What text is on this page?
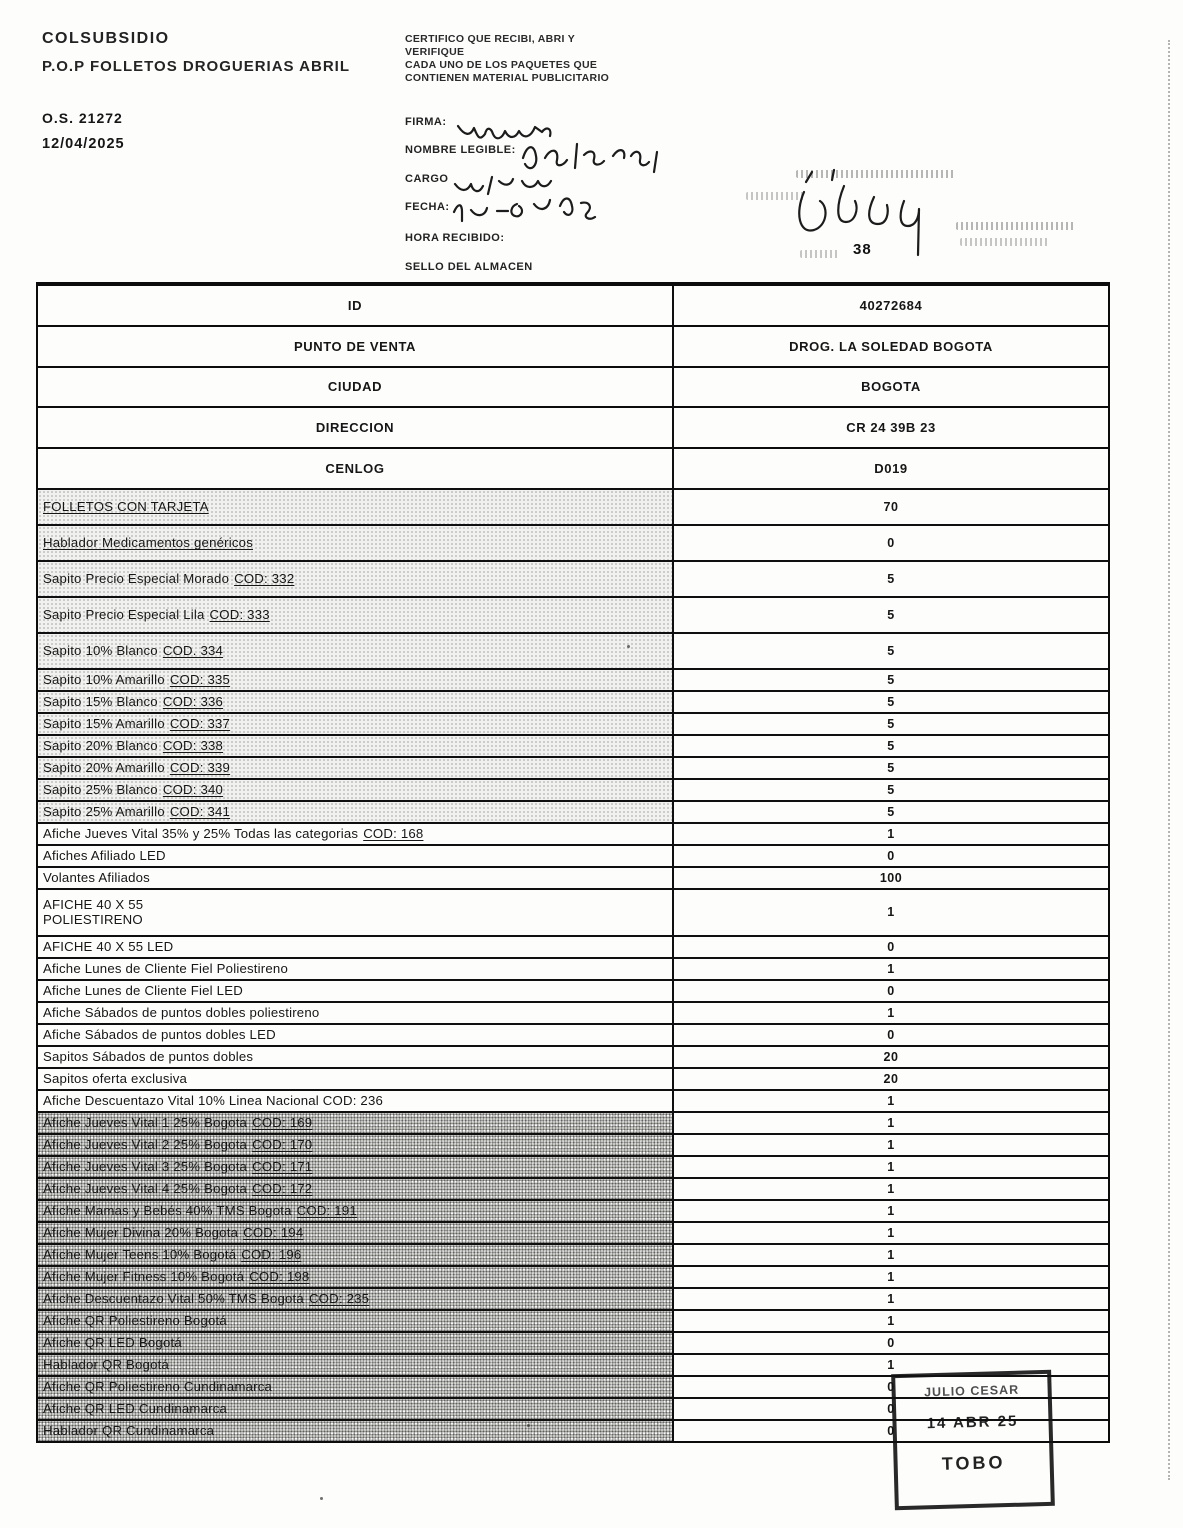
COLSUBSIDIO
P.O.P FOLLETOS DROGUERIAS ABRIL
O.S. 21272
12/04/2025
CERTIFICO QUE RECIBI, ABRI Y
VERIFIQUE
CADA UNO DE LOS PAQUETES QUE
CONTIENEN MATERIAL PUBLICITARIO
FIRMA:
NOMBRE LEGIBLE:
CARGO
FECHA:
HORA RECIBIDO:
SELLO DEL ALMACEN
38
ID	40272684
PUNTO DE VENTA	DROG. LA SOLEDAD BOGOTA
CIUDAD	BOGOTA
DIRECCION	CR 24 39B 23
CENLOG	D019
FOLLETOS CON TARJETA	70
Hablador Medicamentos genéricos	0
Sapito Precio Especial Morado COD: 332	5
Sapito Precio Especial Lila COD: 333	5
Sapito 10% Blanco COD. 334	5
Sapito 10% Amarillo COD: 335	5
Sapito 15% Blanco COD: 336	5
Sapito 15% Amarillo COD: 337	5
Sapito 20% Blanco COD: 338	5
Sapito 20% Amarillo COD: 339	5
Sapito 25% Blanco COD: 340	5
Sapito 25% Amarillo COD: 341	5
Afiche Jueves Vital 35% y 25% Todas las categorias COD: 168	1
Afiches Afiliado LED	0
Volantes Afiliados	100
AFICHE 40 X 55
POLIESTIRENO	1
AFICHE 40 X 55 LED	0
Afiche Lunes de Cliente Fiel Poliestireno	1
Afiche Lunes de Cliente Fiel LED	0
Afiche Sábados de puntos dobles poliestireno	1
Afiche Sábados de puntos dobles LED	0
Sapitos Sábados de puntos dobles	20
Sapitos oferta exclusiva	20
Afiche Descuentazo Vital 10% Linea Nacional COD: 236	1
Afiche Jueves Vital 1 25% Bogota COD: 169	1
Afiche Jueves Vital 2 25% Bogota COD: 170	1
Afiche Jueves Vital 3 25% Bogota COD: 171	1
Afiche Jueves Vital 4 25% Bogota COD: 172	1
Afiche Mamas y Bebés 40% TMS Bogota COD: 191	1
Afiche Mujer Divina 20% Bogota COD: 194	1
Afiche Mujer Teens 10% Bogotá COD: 196	1
Afiche Mujer Fitness 10% Bogotá COD: 198	1
Afiche Descuentazo Vital 50% TMS Bogotá COD: 235	1
Afiche QR Poliestireno Bogotá	1
Afiche QR LED Bogotá	0
Hablador QR Bogotá	1
Afiche QR Poliestireno Cundinamarca	0
Afiche QR LED Cundinamarca	0
Hablador QR Cundinamarca	0
JULIO CESAR
14 ABR 25
TOBO
